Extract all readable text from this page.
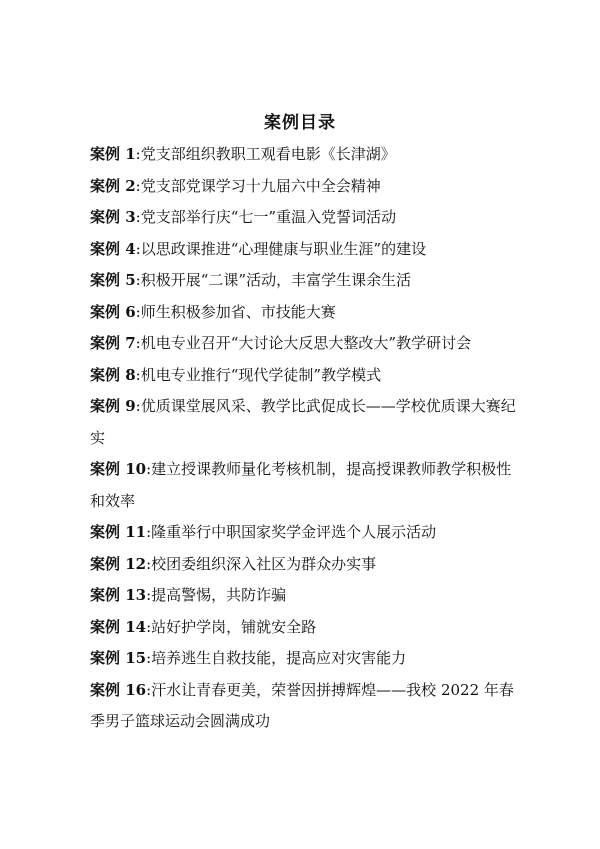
案例目录
案例 1:党支部组织教职工观看电影《长津湖》
案例 2:党支部党课学习十九届六中全会精神
案例 3:党支部举行庆“七一”重温入党誓词活动
案例 4:以思政课推进“心理健康与职业生涯”的建设
案例 5:积极开展“二课”活动，丰富学生课余生活
案例 6:师生积极参加省、市技能大赛
案例 7:机电专业召开“大讨论大反思大整改大”教学研讨会
案例 8:机电专业推行“现代学徒制”教学模式
案例 9:优质课堂展风采、教学比武促成长——学校优质课大赛纪实
案例 10:建立授课教师量化考核机制，提高授课教师教学积极性和效率
案例 11:隆重举行中职国家奖学金评选个人展示活动
案例 12:校团委组织深入社区为群众办实事
案例 13:提高警惕，共防诈骗
案例 14:站好护学岗，铺就安全路
案例 15:培养逃生自救技能，提高应对灾害能力
案例 16:汗水让青春更美，荣誉因拼搏辉煌——我校 2022 年春季男子篮球运动会圆满成功
